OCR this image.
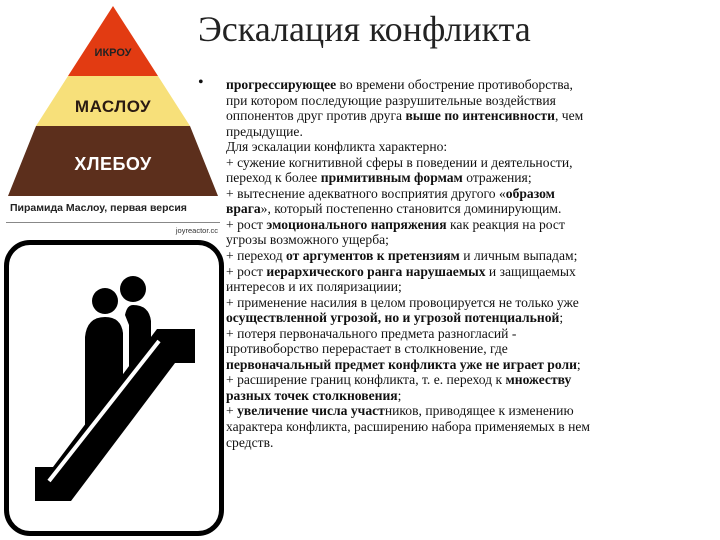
Эскалация конфликта
ИКРОУ
МАСЛОУ
ХЛЕБОУ
Пирамида Маслоу, первая версия
joyreactor.cc
•
-

прогрессирующее во времени обострение противоборства,

при котором последующие разрушительные воздействия

оппонентов друг против друга выше по интенсивности, чем

предыдущие.

Для эскалации конфликта характерно:

+ сужение когнитивной сферы в поведении и деятельности,

переход к более примитивным формам отражения;

+ вытеснение адекватного восприятия другого «образом

врага», который постепенно становится доминирующим.

+ рост эмоционального напряжения как реакция на рост

угрозы возможного ущерба;

+ переход от аргументов к претензиям и личным выпадам;

+ рост иерархического ранга нарушаемых и защищаемых

интересов и их поляризациии;

+ применение насилия в целом провоцируется не только уже

осуществленной угрозой, но и угрозой потенциальной;

+ потеря первоначального предмета разногласий -

противоборство перерастает в столкновение, где

первоначальный предмет конфликта уже не играет роли;

+ расширение границ конфликта, т. е. переход к множеству

разных точек столкновения;

+ увеличение числа участников, приводящее к изменению

характера конфликта, расширению набора применяемых в нем

средств.
